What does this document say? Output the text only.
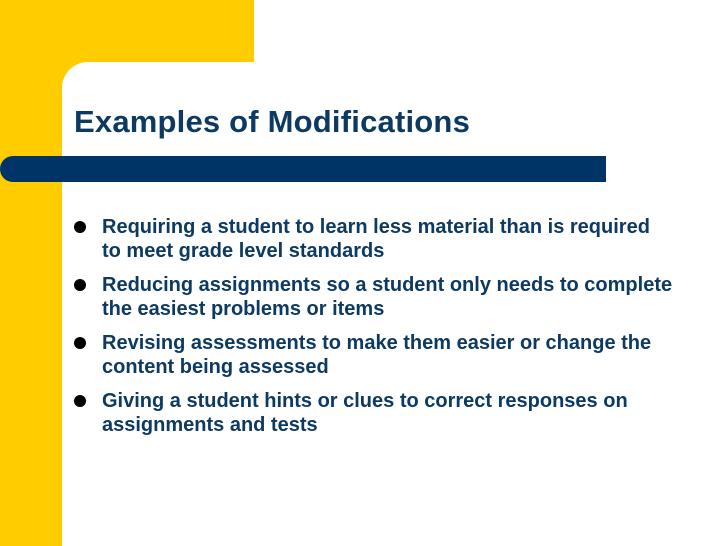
Examples of Modifications
Requiring a student to learn less material than is required to meet grade level standards
Reducing assignments so a student only needs to complete the easiest problems or items
Revising assessments to make them easier or change the content being assessed
Giving a student hints or clues to correct responses on assignments and tests
